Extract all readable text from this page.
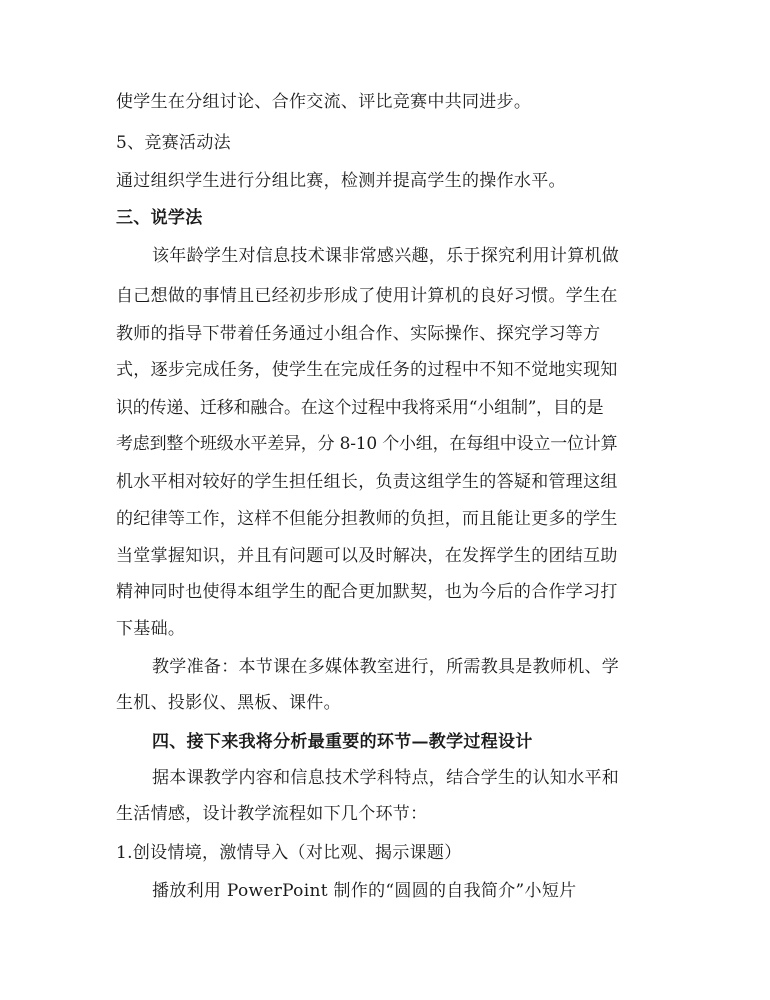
使学生在分组讨论、合作交流、评比竞赛中共同进步。
5、竞赛活动法
通过组织学生进行分组比赛，检测并提高学生的操作水平。
三、说学法
该年龄学生对信息技术课非常感兴趣，乐于探究利用计算机做
自己想做的事情且已经初步形成了使用计算机的良好习惯。学生在
教师的指导下带着任务通过小组合作、实际操作、探究学习等方
式，逐步完成任务，使学生在完成任务的过程中不知不觉地实现知
识的传递、迁移和融合。在这个过程中我将采用“小组制”，目的是
考虑到整个班级水平差异，分 8-10 个小组，在每组中设立一位计算
机水平相对较好的学生担任组长，负责这组学生的答疑和管理这组
的纪律等工作，这样不但能分担教师的负担，而且能让更多的学生
当堂掌握知识，并且有问题可以及时解决，在发挥学生的团结互助
精神同时也使得本组学生的配合更加默契，也为今后的合作学习打
下基础。
教学准备：本节课在多媒体教室进行，所需教具是教师机、学
生机、投影仪、黑板、课件。
四、接下来我将分析最重要的环节—教学过程设计
据本课教学内容和信息技术学科特点，结合学生的认知水平和
生活情感，设计教学流程如下几个环节：
1.创设情境，激情导入（对比观、揭示课题）
播放利用 PowerPoint 制作的“圆圆的自我简介”小短片
